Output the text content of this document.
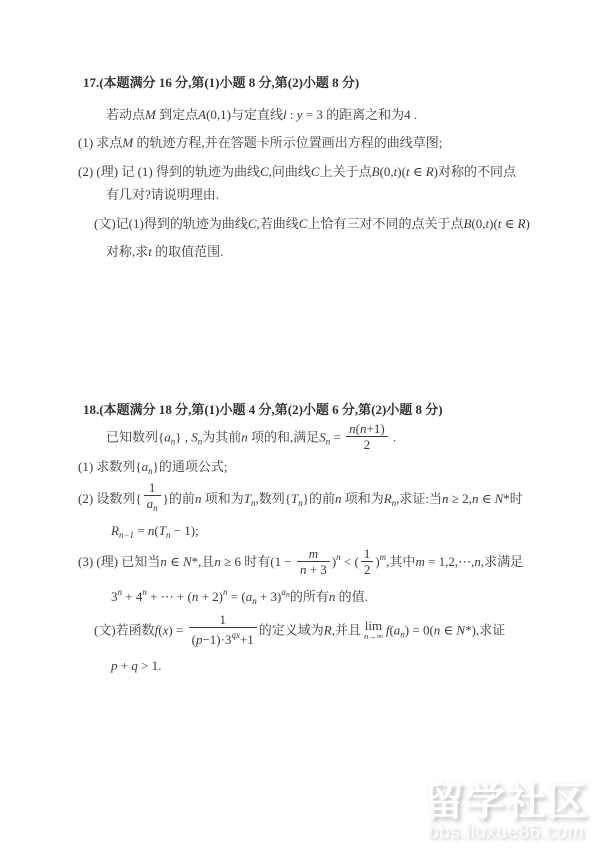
17.(本题满分 16 分,第(1)小题 8 分,第(2)小题 8 分)
若动点M 到定点A(0,1)与定直线l : y = 3 的距离之和为4 .
(1) 求点M 的轨迹方程,并在答题卡所示位置画出方程的曲线草图;
(2) (理) 记 (1) 得到的轨迹为曲线C,问曲线C上关于点B(0,t)(t ∈ R)对称的不同点
有几对?请说明理由.
(文)记(1)得到的轨迹为曲线C,若曲线C上恰有三对不同的点关于点B(0,t)(t ∈ R)
对称,求t 的取值范围.
18.(本题满分 18 分,第(1)小题 4 分,第(2)小题 6 分,第(2)小题 8 分)
已知数列$\{a_n\}$ , $S_n$为其前n 项的和,满足$S_n = \frac{n(n+1)}{2}$ .
(1) 求数列$\{a_n\}$的通项公式;
(2) 设数列{ $\frac{1}{a_n}$ }的前n 项和为$T_n$,数列$\{T_n\}$的前n 项和为$R_n$,求证:当n ≥ 2,n ∈ N*时
$R_{n-1} = n(T_n - 1)$;
(3) (理) 已知当n ∈ N*,且n ≥ 6 时有$(1 - \frac{m}{n + 3} )^n$ < ( $\frac{1}{2} )^m$,其中m = 1,2,⋯,n,求满足
$3^n + 4^n$ + ⋯ + $(n + 2)^n = (a_n + 3)^{an}$的所有n 的值.
(文)若函数$f(x) = \frac{1}{(p-1)\cdot 3^{qx}+1}$ 的定义域为R,并且 lim
n→∞ $f(a_n) = 0(n$ ∈ N*),求证
p + q > 1.
留学社区
bbs.liuxue86.com
